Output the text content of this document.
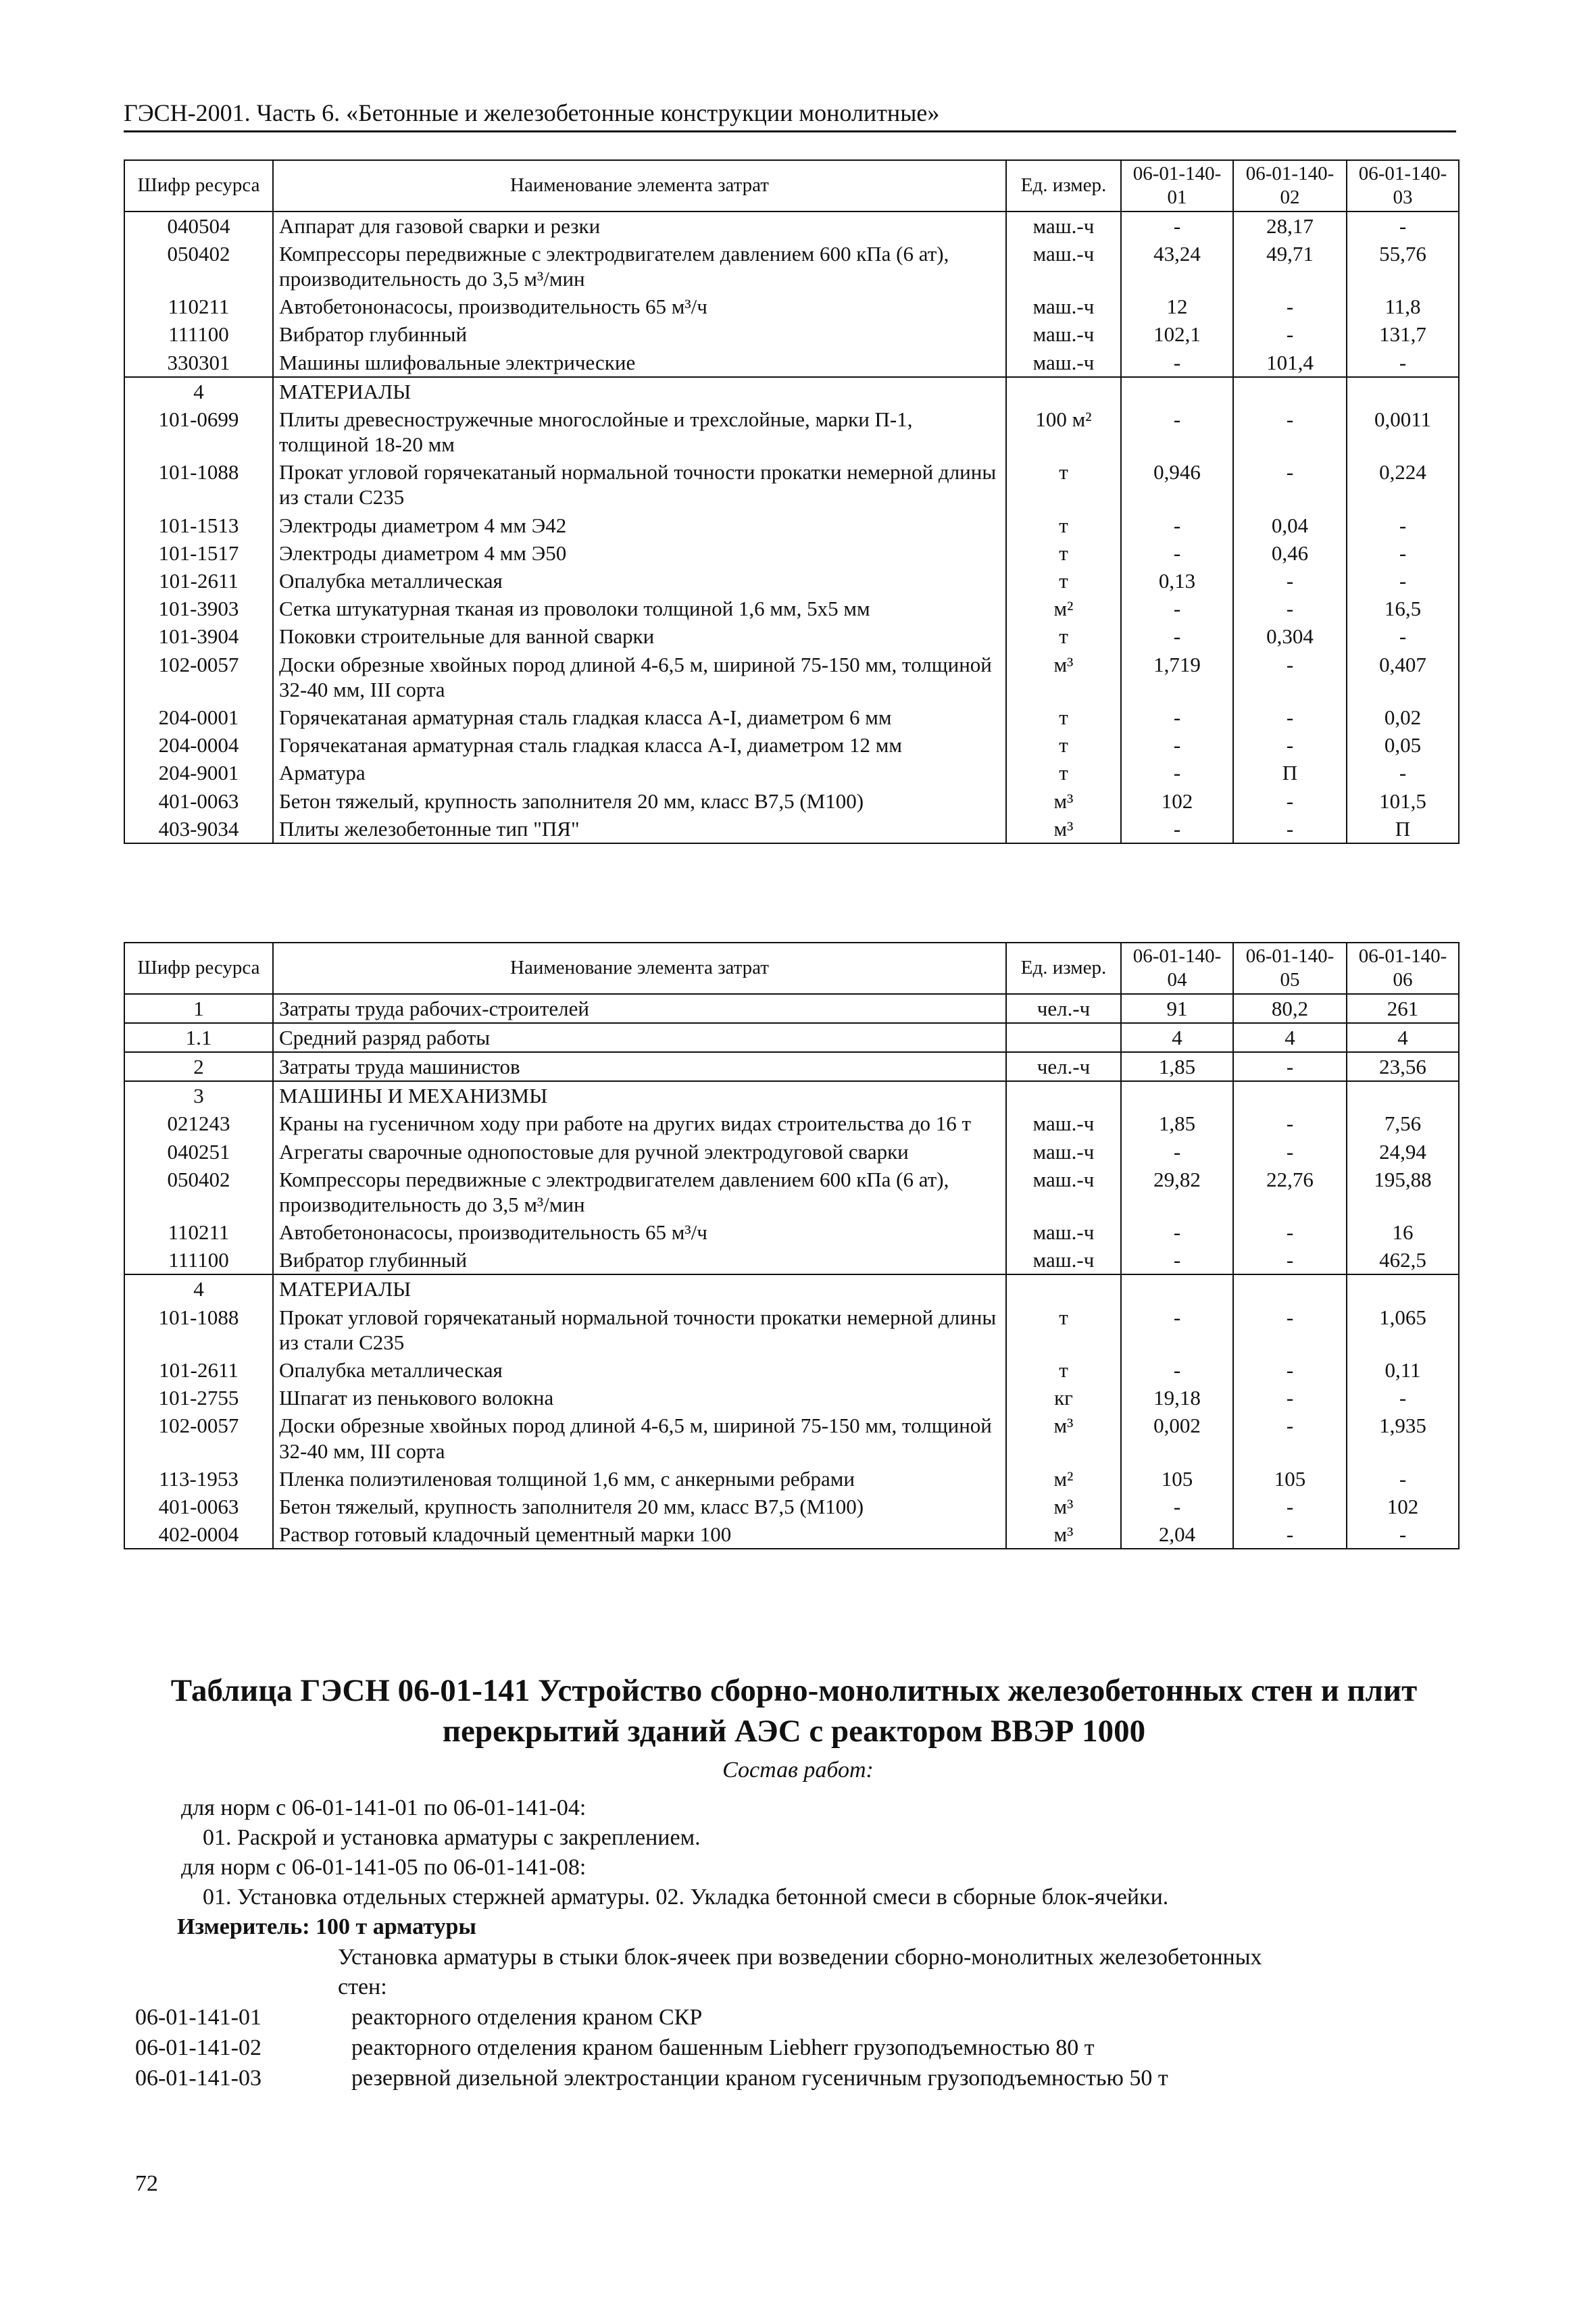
ГЭСН-2001. Часть 6. «Бетонные и железобетонные конструкции монолитные»
Шифр ресурса	Наименование элемента затрат	Ед. измер.	06-01-140-01	06-01-140-02	06-01-140-03
040504	Аппарат для газовой сварки и резки	маш.-ч	-	28,17	-
050402	Компрессоры передвижные с электродвигателем давлением 600 кПа (6 ат), производительность до 3,5 м³/мин	маш.-ч	43,24	49,71	55,76
110211	Автобетононасосы, производительность 65 м³/ч	маш.-ч	12	-	11,8
111100	Вибратор глубинный	маш.-ч	102,1	-	131,7
330301	Машины шлифовальные электрические	маш.-ч	-	101,4	-
4	МАТЕРИАЛЫ				
101-0699	Плиты древесностружечные многослойные и трехслойные, марки П-1, толщиной 18-20 мм	100 м²	-	-	0,0011
101-1088	Прокат угловой горячекатаный нормальной точности прокатки немерной длины из стали С235	т	0,946	-	0,224
101-1513	Электроды диаметром 4 мм Э42	т	-	0,04	-
101-1517	Электроды диаметром 4 мм Э50	т	-	0,46	-
101-2611	Опалубка металлическая	т	0,13	-	-
101-3903	Сетка штукатурная тканая из проволоки толщиной 1,6 мм, 5х5 мм	м²	-	-	16,5
101-3904	Поковки строительные для ванной сварки	т	-	0,304	-
102-0057	Доски обрезные хвойных пород длиной 4-6,5 м, шириной 75-150 мм, толщиной 32-40 мм, III сорта	м³	1,719	-	0,407
204-0001	Горячекатаная арматурная сталь гладкая класса А-I, диаметром 6 мм	т	-	-	0,02
204-0004	Горячекатаная арматурная сталь гладкая класса А-I, диаметром 12 мм	т	-	-	0,05
204-9001	Арматура	т	-	П	-
401-0063	Бетон тяжелый, крупность заполнителя 20 мм, класс В7,5 (М100)	м³	102	-	101,5
403-9034	Плиты железобетонные тип "ПЯ"	м³	-	-	П
Шифр ресурса	Наименование элемента затрат	Ед. измер.	06-01-140-04	06-01-140-05	06-01-140-06
1	Затраты труда рабочих-строителей	чел.-ч	91	80,2	261
1.1	Средний разряд работы		4	4	4
2	Затраты труда машинистов	чел.-ч	1,85	-	23,56
3	МАШИНЫ И МЕХАНИЗМЫ				
021243	Краны на гусеничном ходу при работе на других видах строительства до 16 т	маш.-ч	1,85	-	7,56
040251	Агрегаты сварочные однопостовые для ручной электродуговой сварки	маш.-ч	-	-	24,94
050402	Компрессоры передвижные с электродвигателем давлением 600 кПа (6 ат), производительность до 3,5 м³/мин	маш.-ч	29,82	22,76	195,88
110211	Автобетононасосы, производительность 65 м³/ч	маш.-ч	-	-	16
111100	Вибратор глубинный	маш.-ч	-	-	462,5
4	МАТЕРИАЛЫ				
101-1088	Прокат угловой горячекатаный нормальной точности прокатки немерной длины из стали С235	т	-	-	1,065
101-2611	Опалубка металлическая	т	-	-	0,11
101-2755	Шпагат из пенькового волокна	кг	19,18	-	-
102-0057	Доски обрезные хвойных пород длиной 4-6,5 м, шириной 75-150 мм, толщиной 32-40 мм, III сорта	м³	0,002	-	1,935
113-1953	Пленка полиэтиленовая толщиной 1,6 мм, с анкерными ребрами	м²	105	105	-
401-0063	Бетон тяжелый, крупность заполнителя 20 мм, класс В7,5 (М100)	м³	-	-	102
402-0004	Раствор готовый кладочный цементный марки 100	м³	2,04	-	-
Таблица ГЭСН 06-01-141 Устройство сборно-монолитных железобетонных стен и плит
перекрытий зданий АЭС с реактором ВВЭР 1000
Состав работ:
для норм с 06-01-141-01 по 06-01-141-04:
01. Раскрой и установка арматуры с закреплением.
для норм с 06-01-141-05 по 06-01-141-08:
01. Установка отдельных стержней арматуры. 02. Укладка бетонной смеси в сборные блок-ячейки.
Измеритель: 100 т арматуры
Установка арматуры в стыки блок-ячеек при возведении сборно-монолитных железобетонных
стен:
06-01-141-01	реакторного отделения краном СКР
06-01-141-02	реакторного отделения краном башенным Liebherr грузоподъемностью 80 т
06-01-141-03	резервной дизельной электростанции краном гусеничным грузоподъемностью 50 т
72
